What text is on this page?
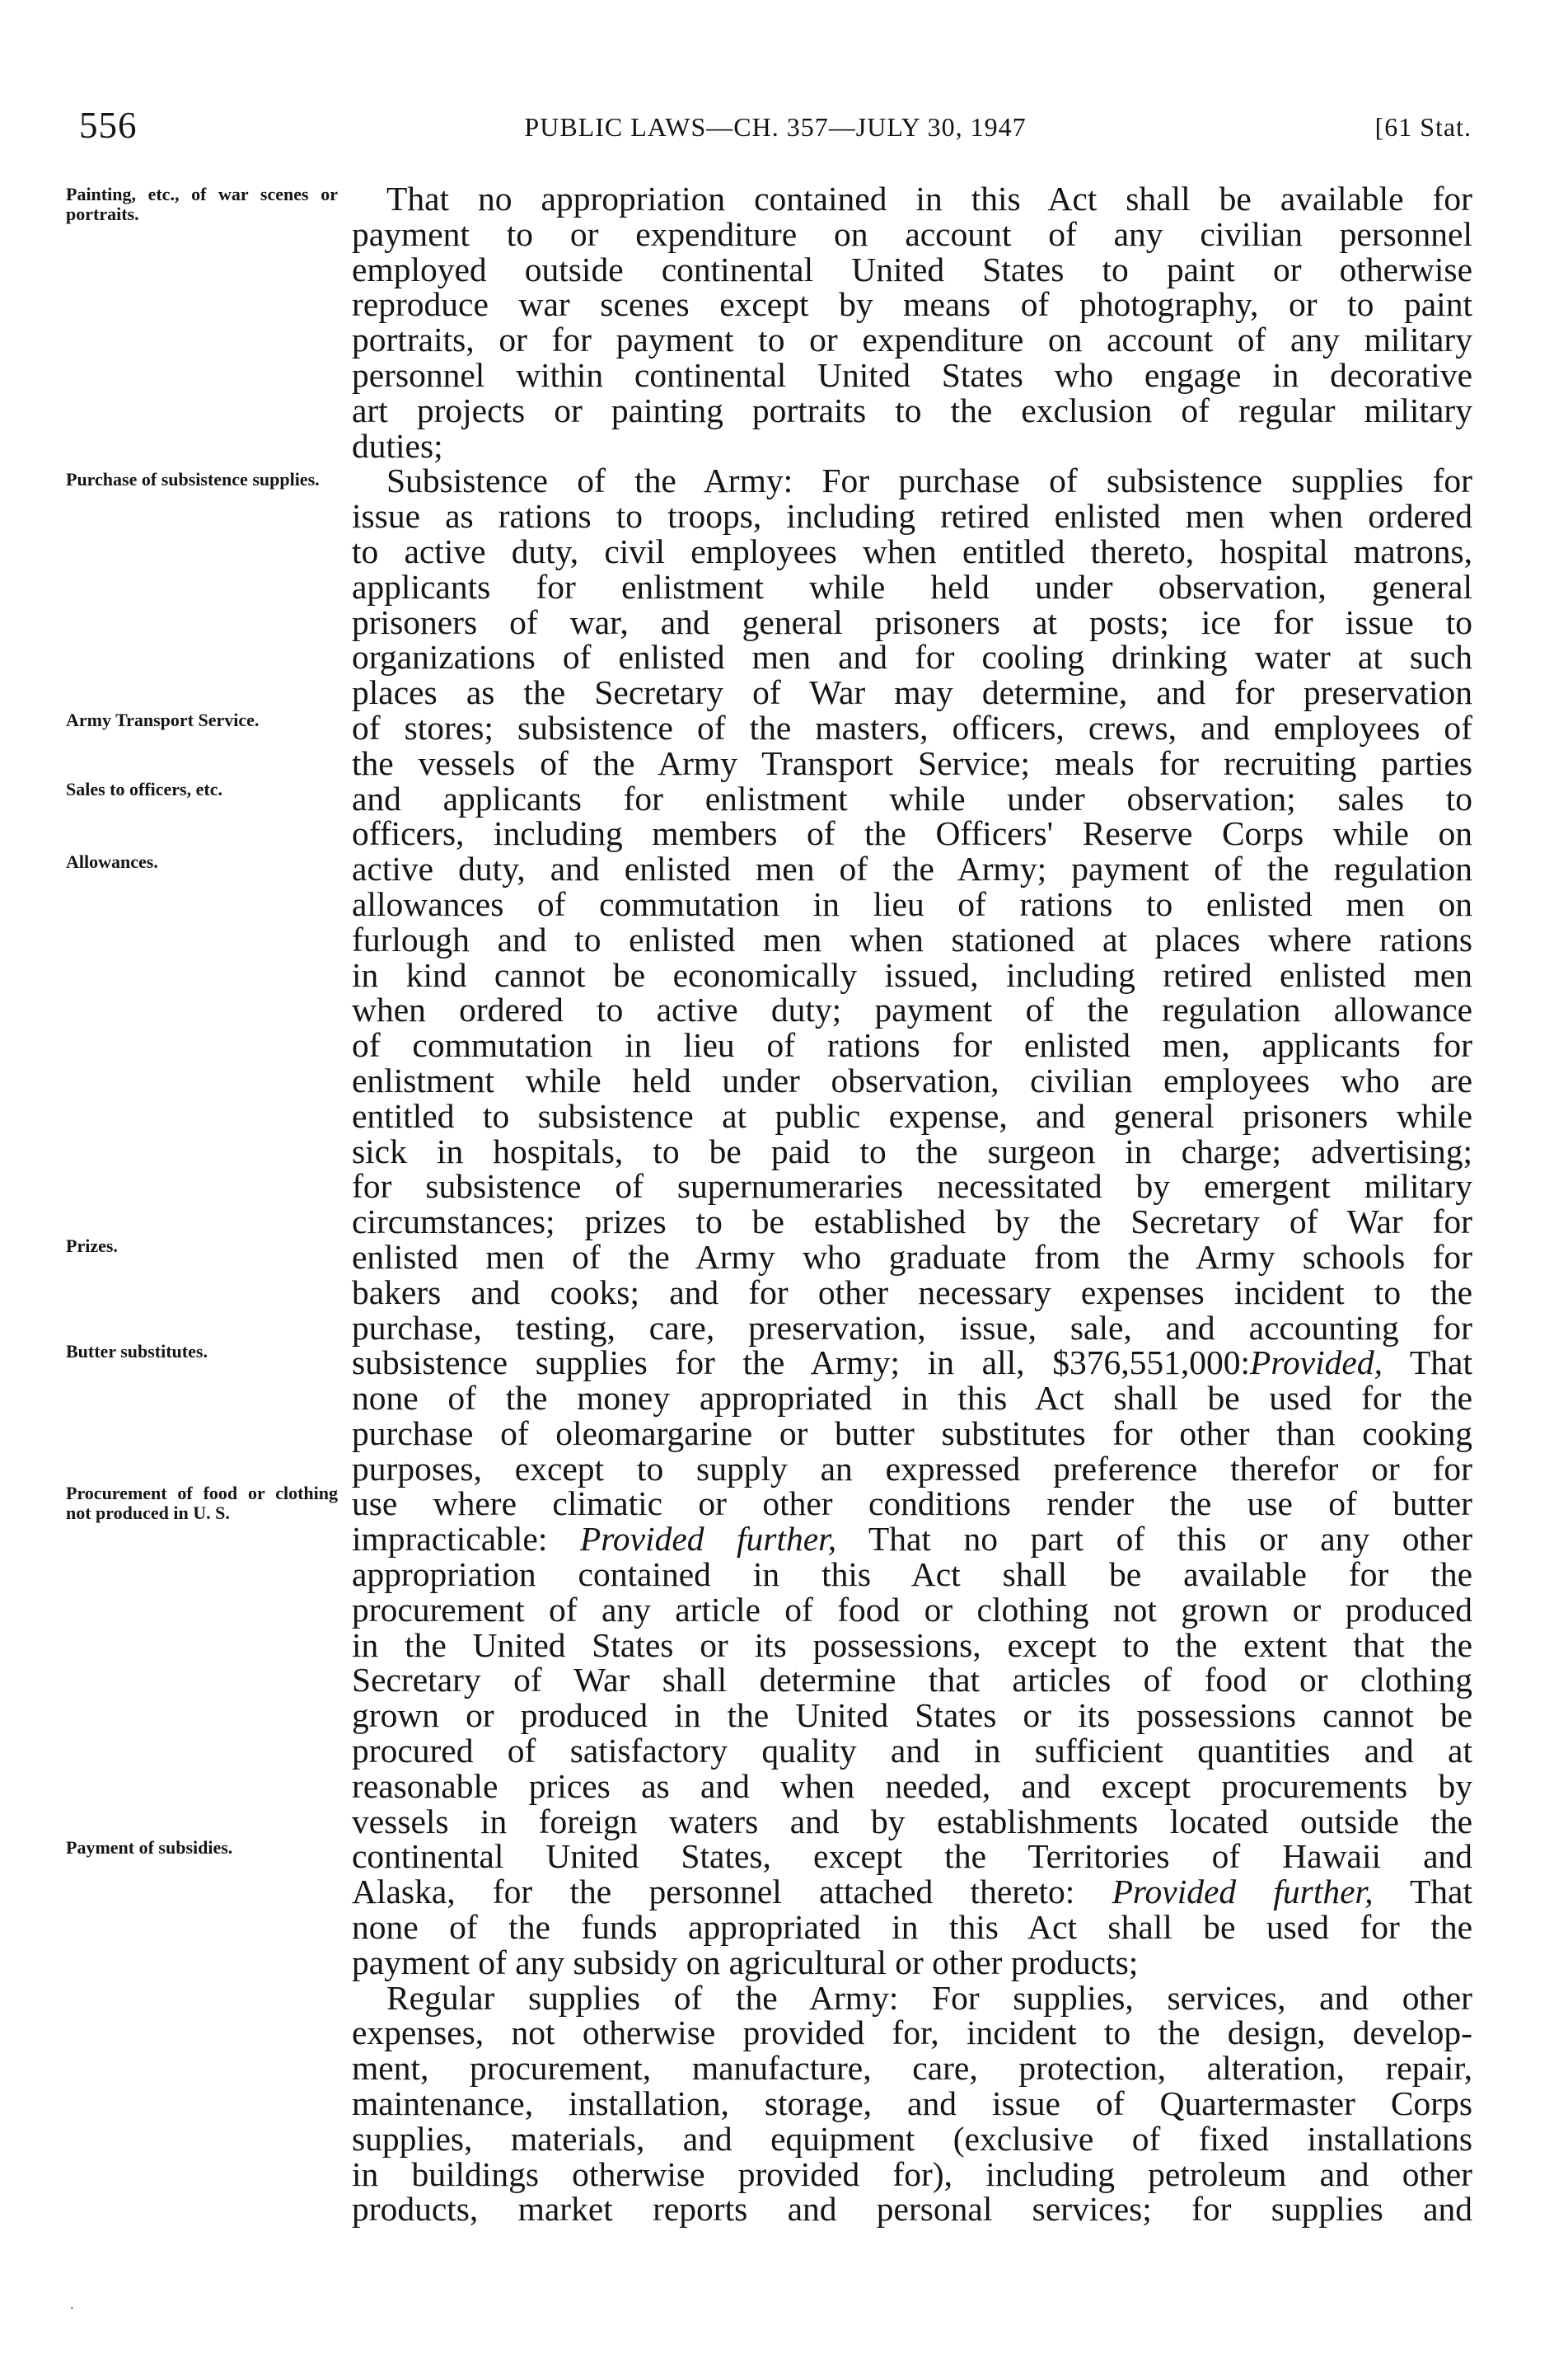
556	PUBLIC LAWS—CH. 357—JULY 30, 1947	[61 Stat.
Painting, etc., of war scenes or portraits.
Purchase of subsistence supplies.
Army Transport Service.
Sales to officers, etc.
Allowances.
Prizes.
Butter substitutes.
Procurement of food or clothing not produced in U. S.
Payment of subsidies.
That no appropriation contained in this Act shall be available for
payment to or expenditure on account of any civilian personnel
employed outside continental United States to paint or otherwise
reproduce war scenes except by means of photography, or to paint
portraits, or for payment to or expenditure on account of any military
personnel within continental United States who engage in decorative
art projects or painting portraits to the exclusion of regular military
duties;
Subsistence of the Army: For purchase of subsistence supplies for
issue as rations to troops, including retired enlisted men when ordered
to active duty, civil employees when entitled thereto, hospital matrons,
applicants for enlistment while held under observation, general
prisoners of war, and general prisoners at posts; ice for issue to
organizations of enlisted men and for cooling drinking water at such
places as the Secretary of War may determine, and for preservation
of stores; subsistence of the masters, officers, crews, and employees of
the vessels of the Army Transport Service; meals for recruiting parties
and applicants for enlistment while under observation; sales to
officers, including members of the Officers' Reserve Corps while on
active duty, and enlisted men of the Army; payment of the regulation
allowances of commutation in lieu of rations to enlisted men on
furlough and to enlisted men when stationed at places where rations
in kind cannot be economically issued, including retired enlisted men
when ordered to active duty; payment of the regulation allowance
of commutation in lieu of rations for enlisted men, applicants for
enlistment while held under observation, civilian employees who are
entitled to subsistence at public expense, and general prisoners while
sick in hospitals, to be paid to the surgeon in charge; advertising;
for subsistence of supernumeraries necessitated by emergent military
circumstances; prizes to be established by the Secretary of War for
enlisted men of the Army who graduate from the Army schools for
bakers and cooks; and for other necessary expenses incident to the
purchase, testing, care, preservation, issue, sale, and accounting for
subsistence supplies for the Army; in all, $376,551,000:Provided, That
none of the money appropriated in this Act shall be used for the
purchase of oleomargarine or butter substitutes for other than cooking
purposes, except to supply an expressed preference therefor or for
use where climatic or other conditions render the use of butter
impracticable: Provided further, That no part of this or any other
appropriation contained in this Act shall be available for the
procurement of any article of food or clothing not grown or produced
in the United States or its possessions, except to the extent that the
Secretary of War shall determine that articles of food or clothing
grown or produced in the United States or its possessions cannot be
procured of satisfactory quality and in sufficient quantities and at
reasonable prices as and when needed, and except procurements by
vessels in foreign waters and by establishments located outside the
continental United States, except the Territories of Hawaii and
Alaska, for the personnel attached thereto: Provided further, That
none of the funds appropriated in this Act shall be used for the
payment of any subsidy on agricultural or other products;
Regular supplies of the Army: For supplies, services, and other
expenses, not otherwise provided for, incident to the design, develop-
ment, procurement, manufacture, care, protection, alteration, repair,
maintenance, installation, storage, and issue of Quartermaster Corps
supplies, materials, and equipment (exclusive of fixed installations
in buildings otherwise provided for), including petroleum and other
products, market reports and personal services; for supplies and
·
